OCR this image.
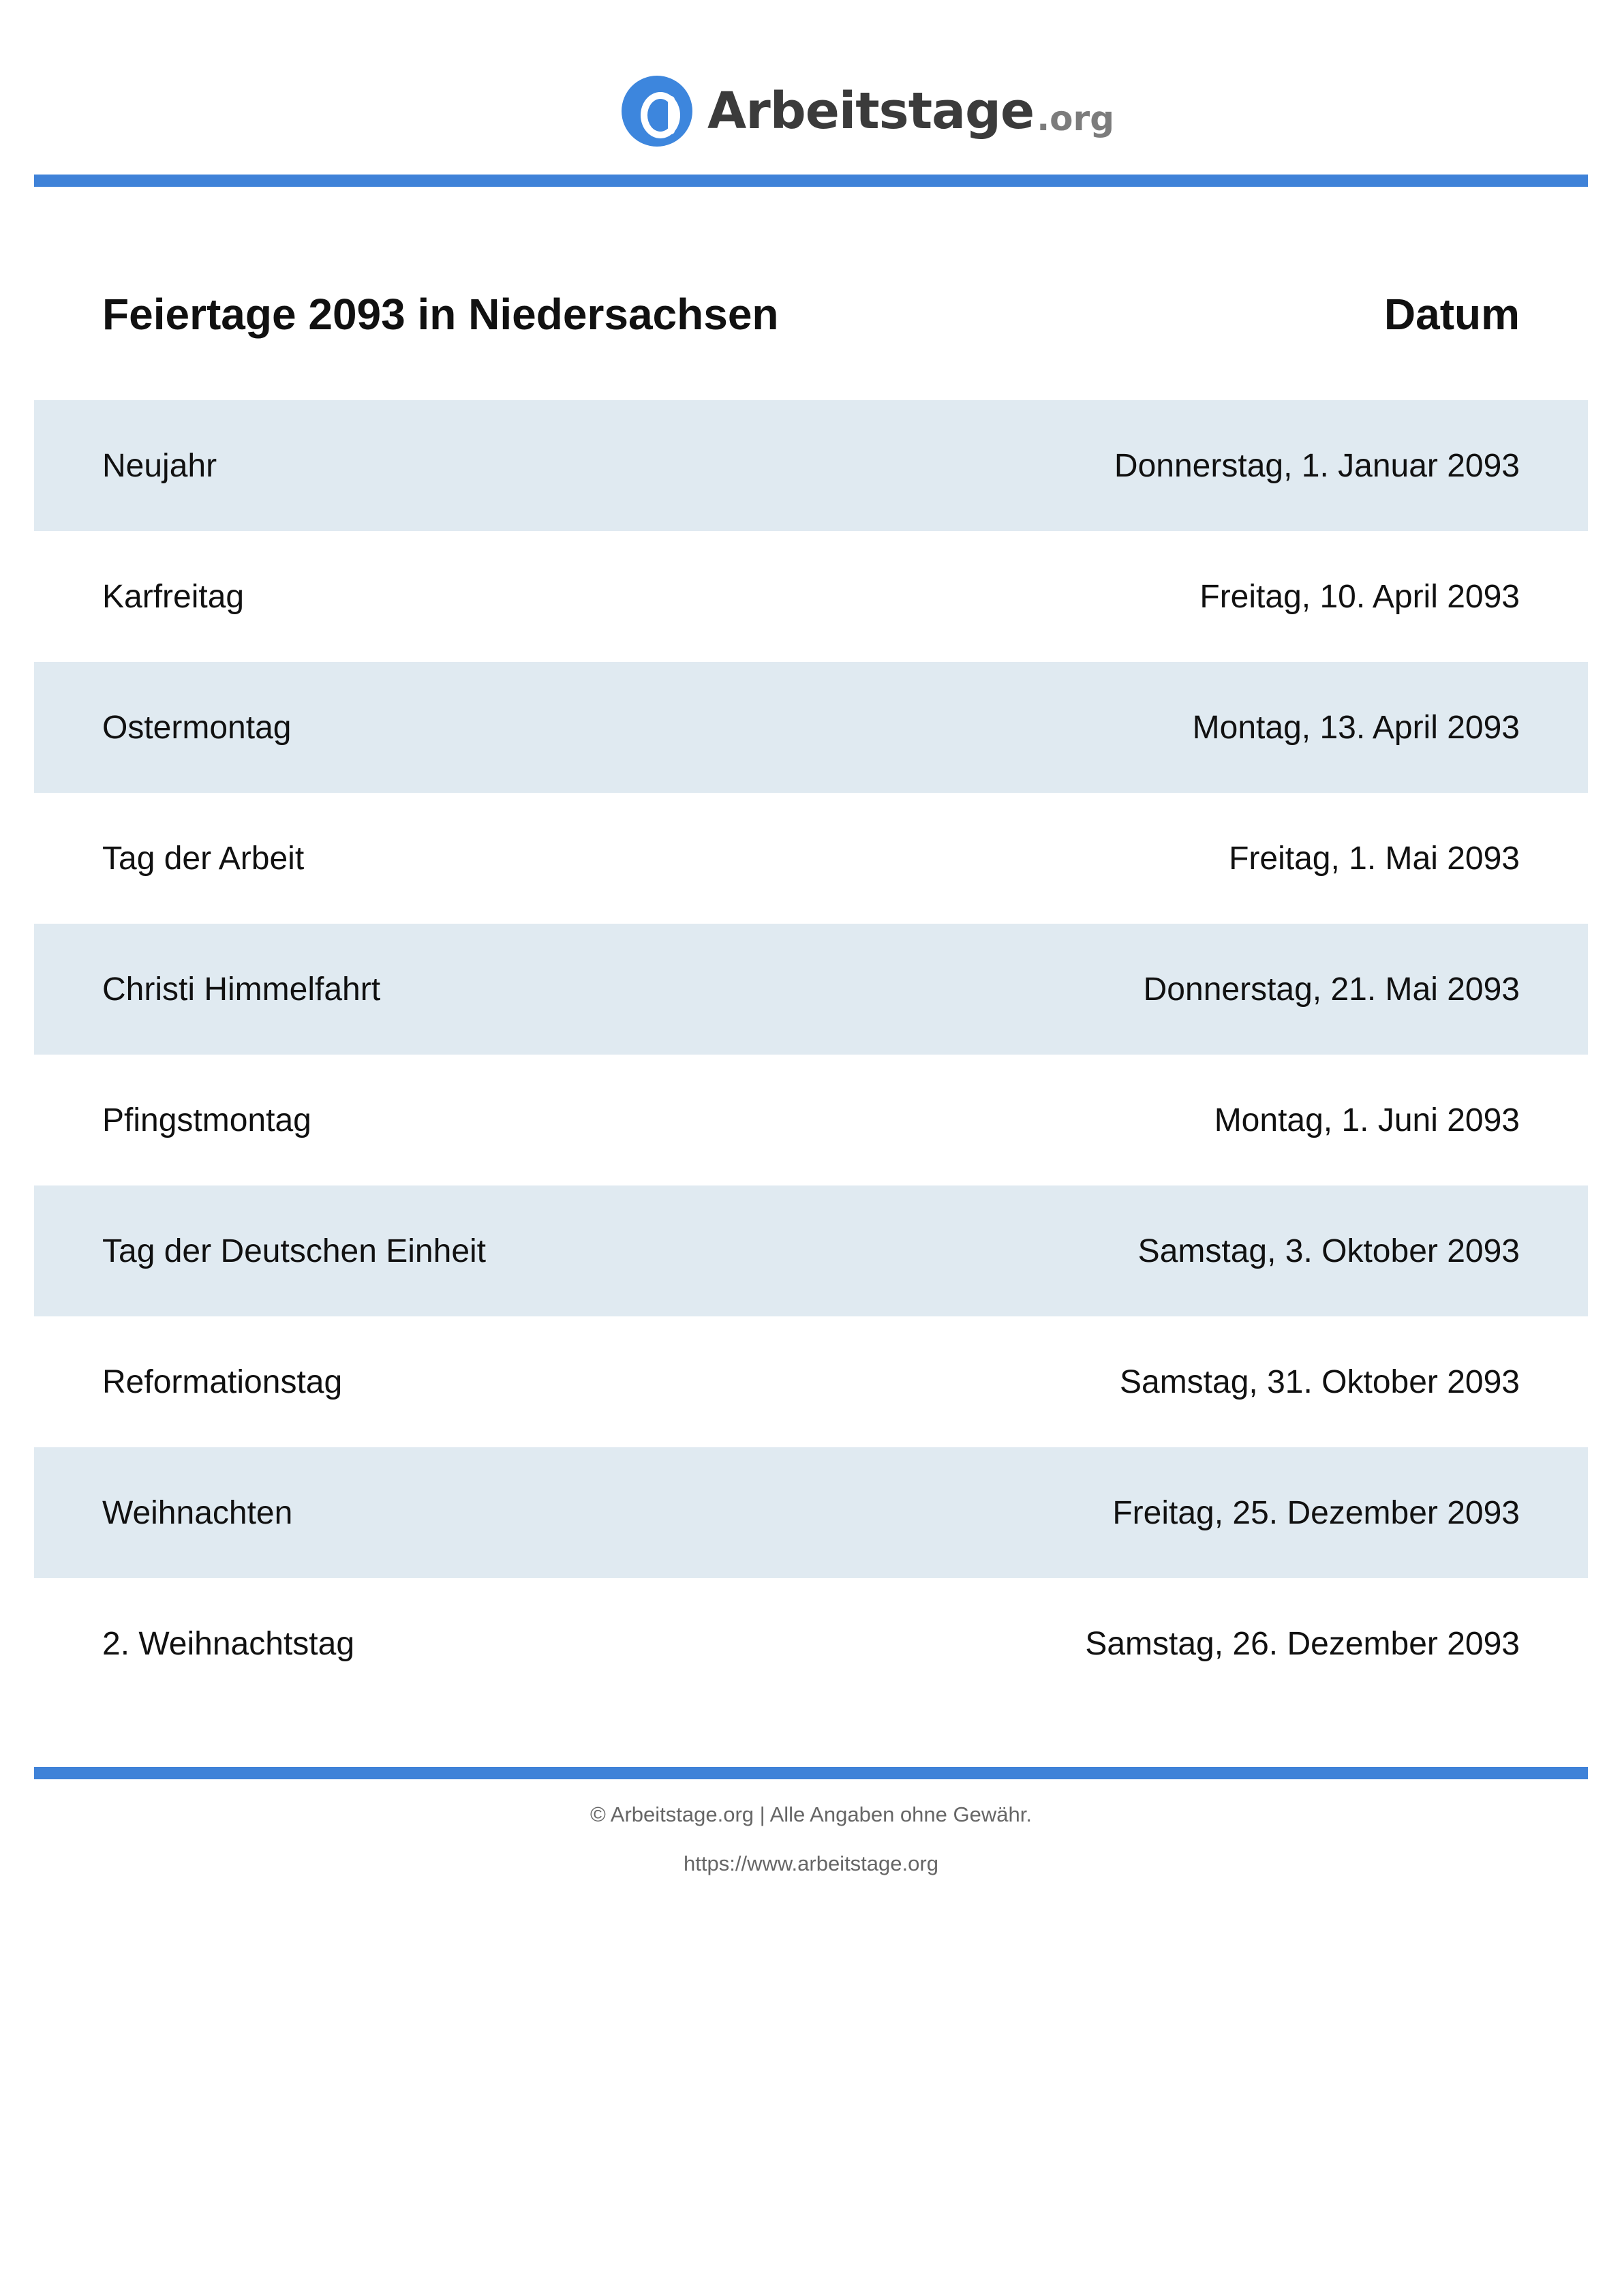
Arbeitstage .org
Feiertage 2093 in Niedersachsen	Datum
Neujahr	Donnerstag, 1. Januar 2093
Karfreitag	Freitag, 10. April 2093
Ostermontag	Montag, 13. April 2093
Tag der Arbeit	Freitag, 1. Mai 2093
Christi Himmelfahrt	Donnerstag, 21. Mai 2093
Pfingstmontag	Montag, 1. Juni 2093
Tag der Deutschen Einheit	Samstag, 3. Oktober 2093
Reformationstag	Samstag, 31. Oktober 2093
Weihnachten	Freitag, 25. Dezember 2093
2. Weihnachtstag	Samstag, 26. Dezember 2093
© Arbeitstage.org | Alle Angaben ohne Gewähr.
https://www.arbeitstage.org
